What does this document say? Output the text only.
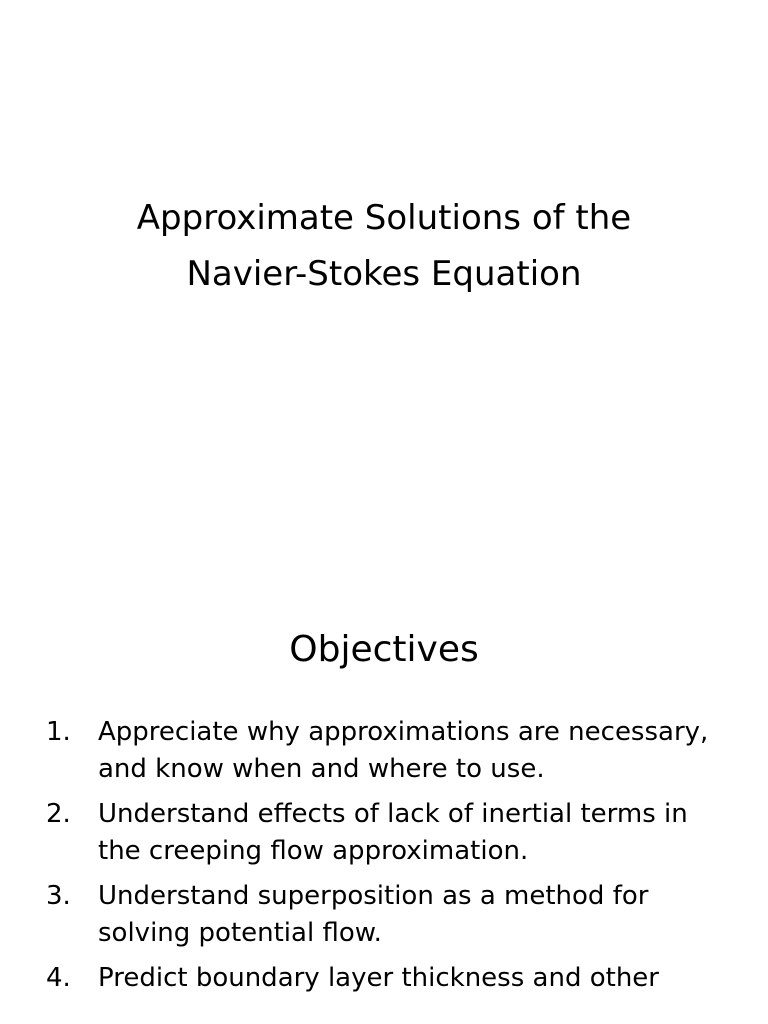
Approximate Solutions of the
Navier-Stokes Equation
Objectives
1.	Appreciate why approximations are necessary, and know when and where to use.
2.	Understand effects of lack of inertial terms in the creeping flow approximation.
3.	Understand superposition as a method for solving potential flow.
4.	Predict boundary layer thickness and other
